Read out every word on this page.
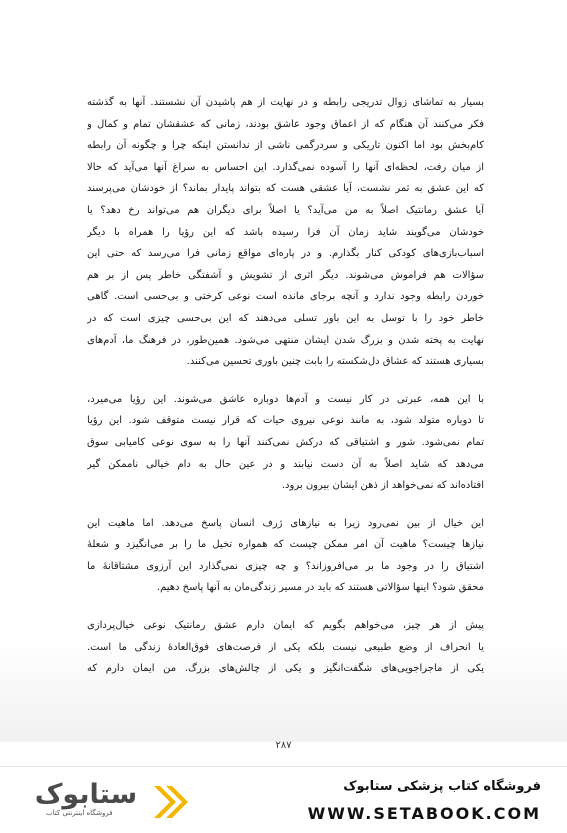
بسیار به تماشای زوال تدریجی رابطه و در نهایت از هم پاشیدن آن نشستند. آنها به گذشته
فکر می‌کنند آن هنگام که از اعماق وجود عاشق بودند، زمانی که عشقشان تمام و کمال و
کام‌بخش بود اما اکنون تاریکی و سردرگمی ناشی از ندانستن اینکه چرا و چگونه آن رابطه
از میان رفت، لحظه‌ای آنها را آسوده نمی‌گذارد. این احساس به سراغ آنها می‌آید که حالا
که این عشق به ثمر نشست، آیا عشقی هست که بتواند پایدار بماند؟ از خودشان می‌پرسند
آیا عشق رمانتیک اصلاً به من می‌آید؟ یا اصلاً برای دیگران هم می‌تواند رخ دهد؟ یا
خودشان می‌گویند شاید زمان آن فرا رسیده باشد که این رؤیا را همراه با دیگر
اسباب‌بازی‌های کودکی کنار بگذارم. و در پاره‌ای مواقع زمانی فرا می‌رسد که حتی این
سؤالات هم فراموش می‌شوند. دیگر اثری از تشویش و آشفتگی خاطر پس از بر هم
خوردن رابطه وجود ندارد و آنچه برجای مانده است نوعی کرختی و بی‌حسی است. گاهی
خاطر خود را با توسل به این باور تسلی می‌دهند که این بی‌حسی چیزی است که در
نهایت به پخته شدن و بزرگ شدن ایشان منتهی می‌شود. همین‌طور، در فرهنگ ما، آدم‌های
بسیاری هستند که عشاق دل‌شکسته را بابت چنین باوری تحسین می‌کنند.

با این همه، عبرتی در کار نیست و آدم‌ها دوباره عاشق می‌شوند. این رؤیا می‌میرد،
تا دوباره متولد شود، به مانند نوعی نیروی حیات که قرار نیست متوقف شود. این رؤیا
تمام نمی‌شود. شور و اشتیاقی که درکش نمی‌کنند آنها را به سوی نوعی کامیابی سوق
می‌دهد که شاید اصلاً به آن دست نیابند و در عین حال به دام خیالی ناممکن گیر
افتاده‌اند که نمی‌خواهد از ذهن ایشان بیرون برود.

این خیال از بین نمی‌رود زیرا به نیازهای ژرف انسان پاسخ می‌دهد. اما ماهیت این
نیازها چیست؟ ماهیت آن امر ممکن چیست که همواره تخیل ما را بر می‌انگیزد و شعلهٔ
اشتیاق را در وجود ما بر می‌افروزاند؟ و چه چیزی نمی‌گذارد این آرزوی مشتاقانهٔ ما
محقق شود؟ اینها سؤالاتی هستند که باید در مسیر زندگی‌مان به آنها پاسخ دهیم.

پیش از هر چیز، می‌خواهم بگویم که ایمان دارم عشق رمانتیک نوعی خیال‌پردازی
یا انحراف از وضع طبیعی نیست بلکه یکی از فرصت‌های فوق‌العادهٔ زندگی ما است.
یکی از ماجراجویی‌های شگفت‌انگیز و یکی از چالش‌های بزرگ. من ایمان دارم که

۲۸۷
ستابوک
فروشگاه اینترنتی کتاب
فروشگاه کتاب پزشکی ستابوک
WWW.SETABOOK.COM
